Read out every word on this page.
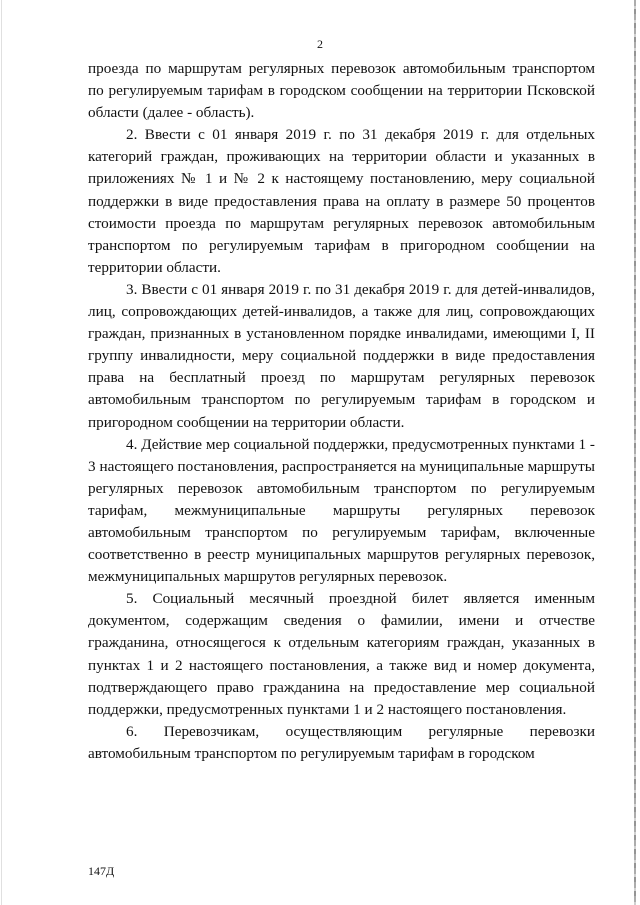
2

проезда по маршрутам регулярных перевозок автомобильным транспортом по регулируемым тарифам в городском сообщении на территории Псковской области (далее - область).

2. Ввести с 01 января 2019 г. по 31 декабря 2019 г. для отдельных категорий граждан, проживающих на территории области и указанных в приложениях № 1 и № 2 к настоящему постановлению, меру социальной поддержки в виде предоставления права на оплату в размере 50 процентов стоимости проезда по маршрутам регулярных перевозок автомобильным транспортом по регулируемым тарифам в пригородном сообщении на территории области.

3. Ввести с 01 января 2019 г. по 31 декабря 2019 г. для детей-инвалидов, лиц, сопровождающих детей-инвалидов, а также для лиц, сопровождающих граждан, признанных в установленном порядке инвалидами, имеющими I, II группу инвалидности, меру социальной поддержки в виде предоставления права на бесплатный проезд по маршрутам регулярных перевозок автомобильным транспортом по регулируемым тарифам в городском и пригородном сообщении на территории области.

4. Действие мер социальной поддержки, предусмотренных пунктами 1 - 3 настоящего постановления, распространяется на муниципальные маршруты регулярных перевозок автомобильным транспортом по регулируемым тарифам, межмуниципальные маршруты регулярных перевозок автомобильным транспортом по регулируемым тарифам, включенные соответственно в реестр муниципальных маршрутов регулярных перевозок, межмуниципальных маршрутов регулярных перевозок.

5. Социальный месячный проездной билет является именным документом, содержащим сведения о фамилии, имени и отчестве гражданина, относящегося к отдельным категориям граждан, указанных в пунктах 1 и 2 настоящего постановления, а также вид и номер документа, подтверждающего право гражданина на предоставление мер социальной поддержки, предусмотренных пунктами 1 и 2 настоящего постановления.

6. Перевозчикам, осуществляющим регулярные перевозки автомобильным транспортом по регулируемым тарифам в городском

147Д
